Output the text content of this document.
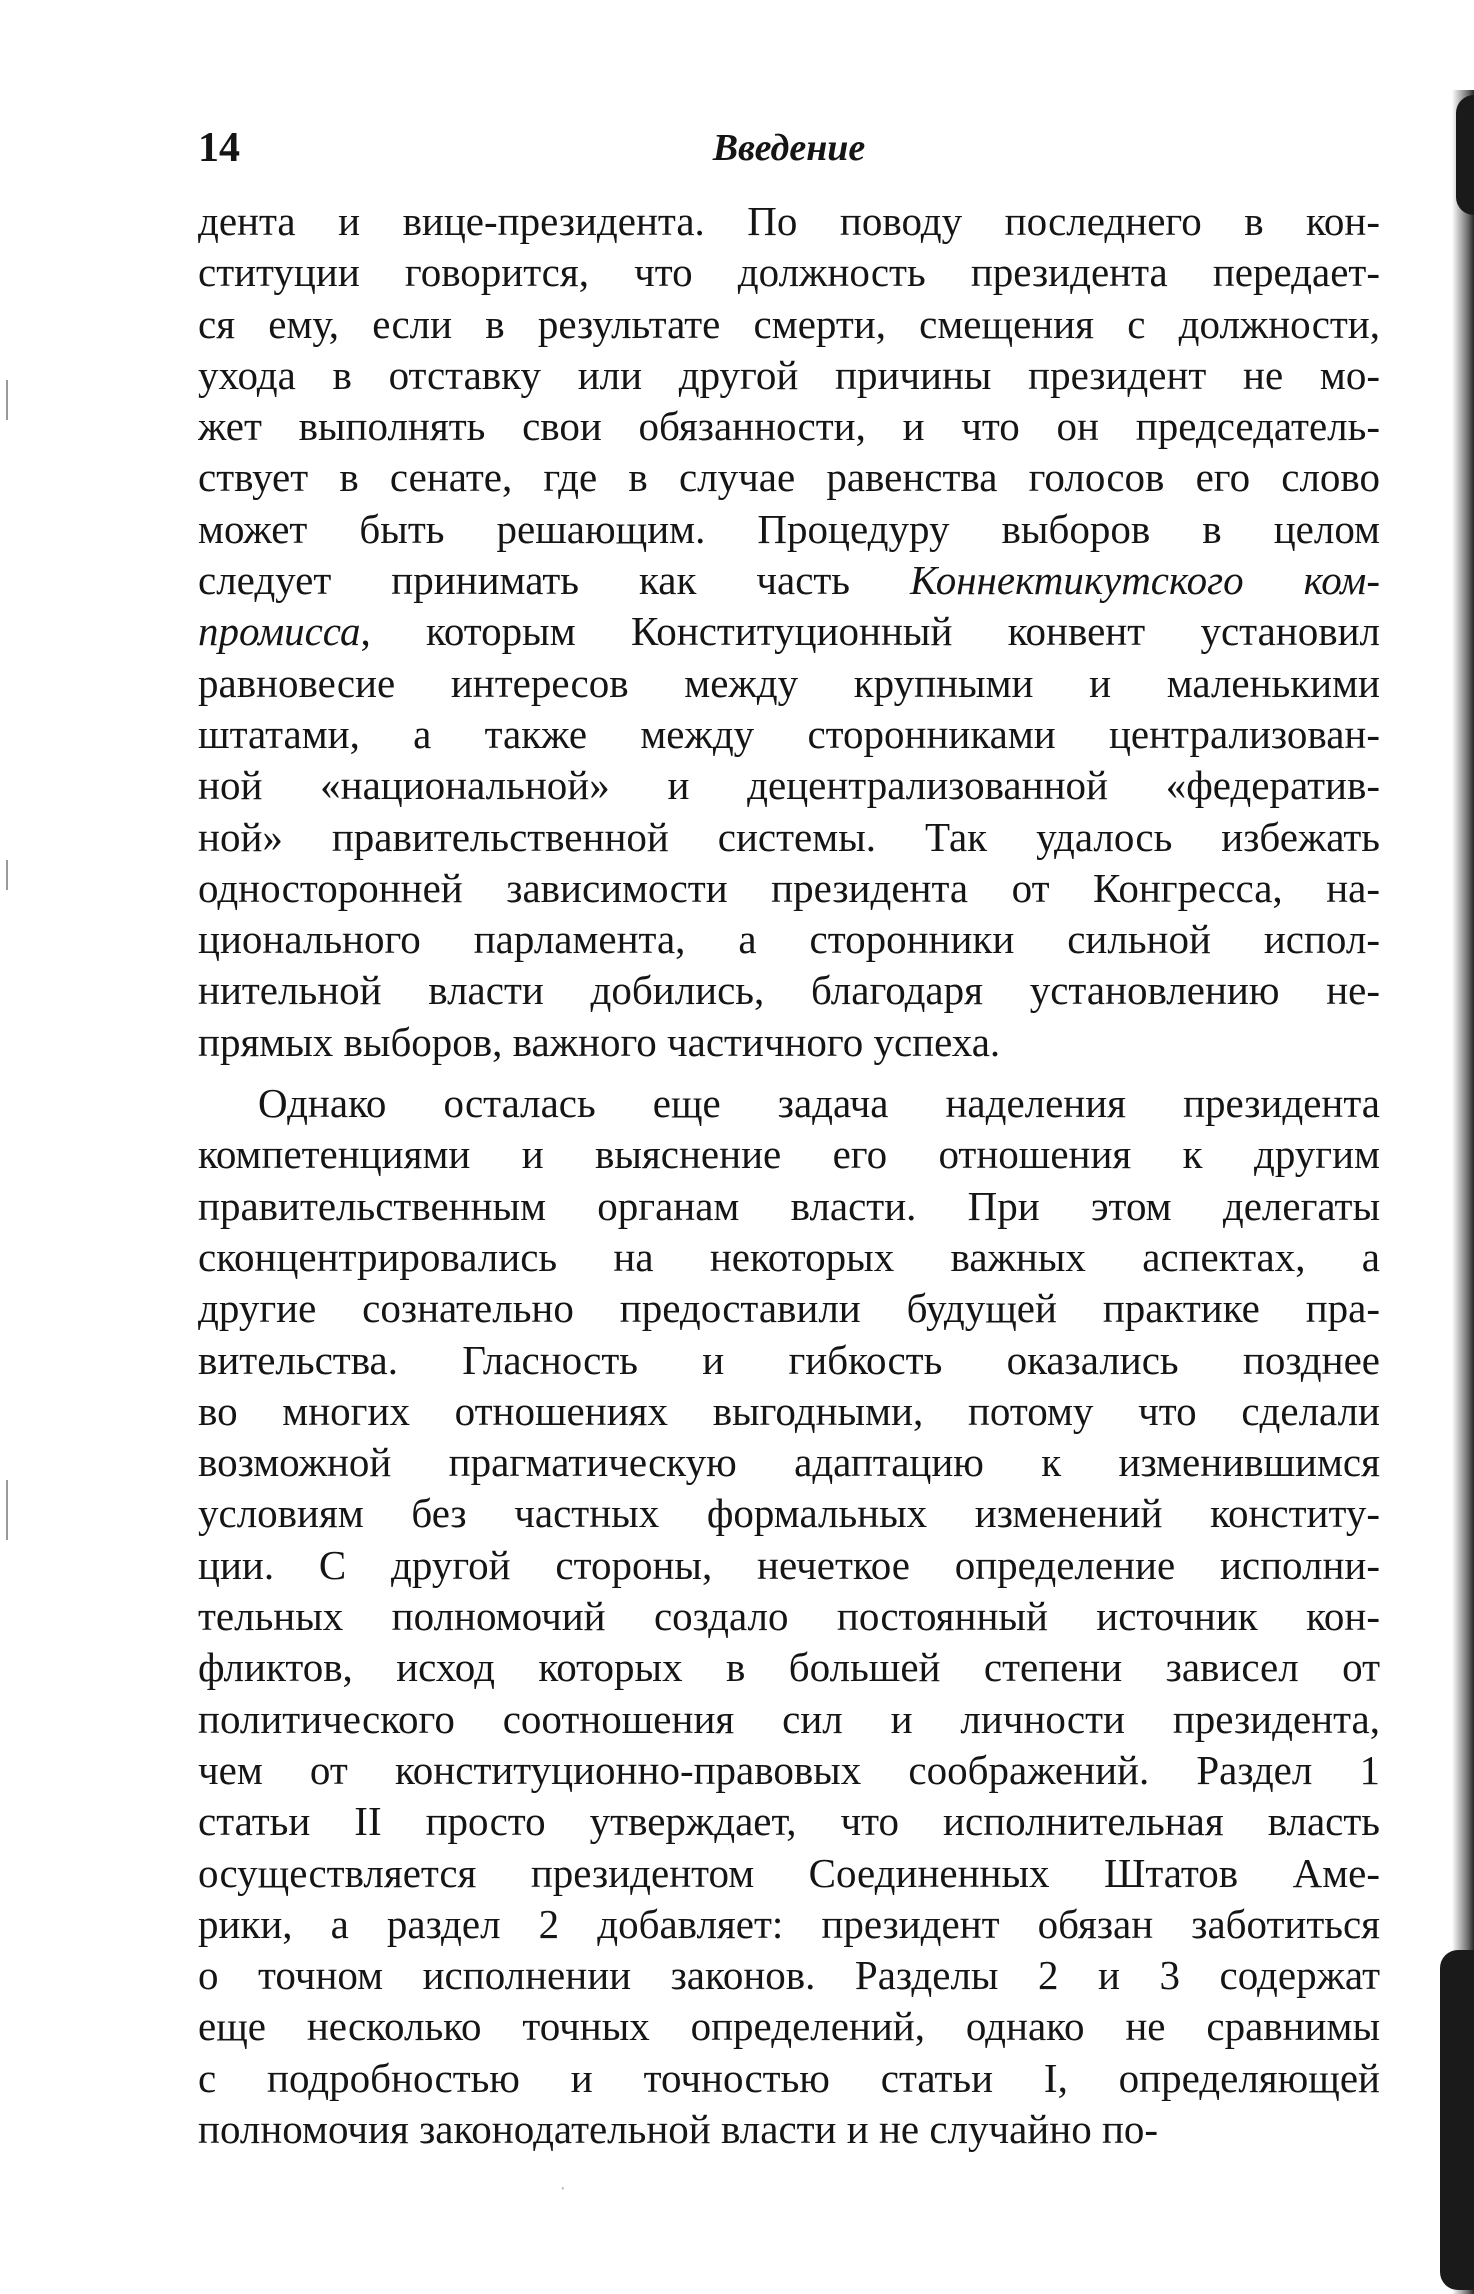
14	Введение
дента и вице-президента. По поводу последнего в кон-
ституции говорится, что должность президента передает-
ся ему, если в результате смерти, смещения с должности,
ухода в отставку или другой причины президент не мо-
жет выполнять свои обязанности, и что он председатель-
ствует в сенате, где в случае равенства голосов его слово
может быть решающим. Процедуру выборов в целом
следует принимать как часть Коннектикутского ком-
промисса, которым Конституционный конвент установил
равновесие интересов между крупными и маленькими
штатами, а также между сторонниками централизован-
ной «национальной» и децентрализованной «федератив-
ной» правительственной системы. Так удалось избежать
односторонней зависимости президента от Конгресса, на-
ционального парламента, а сторонники сильной испол-
нительной власти добились, благодаря установлению не-
прямых выборов, важного частичного успеха.
Однако осталась еще задача наделения президента
компетенциями и выяснение его отношения к другим
правительственным органам власти. При этом делегаты
сконцентрировались на некоторых важных аспектах, а
другие сознательно предоставили будущей практике пра-
вительства. Гласность и гибкость оказались позднее
во многих отношениях выгодными, потому что сделали
возможной прагматическую адаптацию к изменившимся
условиям без частных формальных изменений конститу-
ции. С другой стороны, нечеткое определение исполни-
тельных полномочий создало постоянный источник кон-
фликтов, исход которых в большей степени зависел от
политического соотношения сил и личности президента,
чем от конституционно-правовых соображений. Раздел 1
статьи II просто утверждает, что исполнительная власть
осуществляется президентом Соединенных Штатов Аме-
рики, а раздел 2 добавляет: президент обязан заботиться
о точном исполнении законов. Разделы 2 и 3 содержат
еще несколько точных определений, однако не сравнимы
с подробностью и точностью статьи I, определяющей
полномочия законодательной власти и не случайно по-
·
